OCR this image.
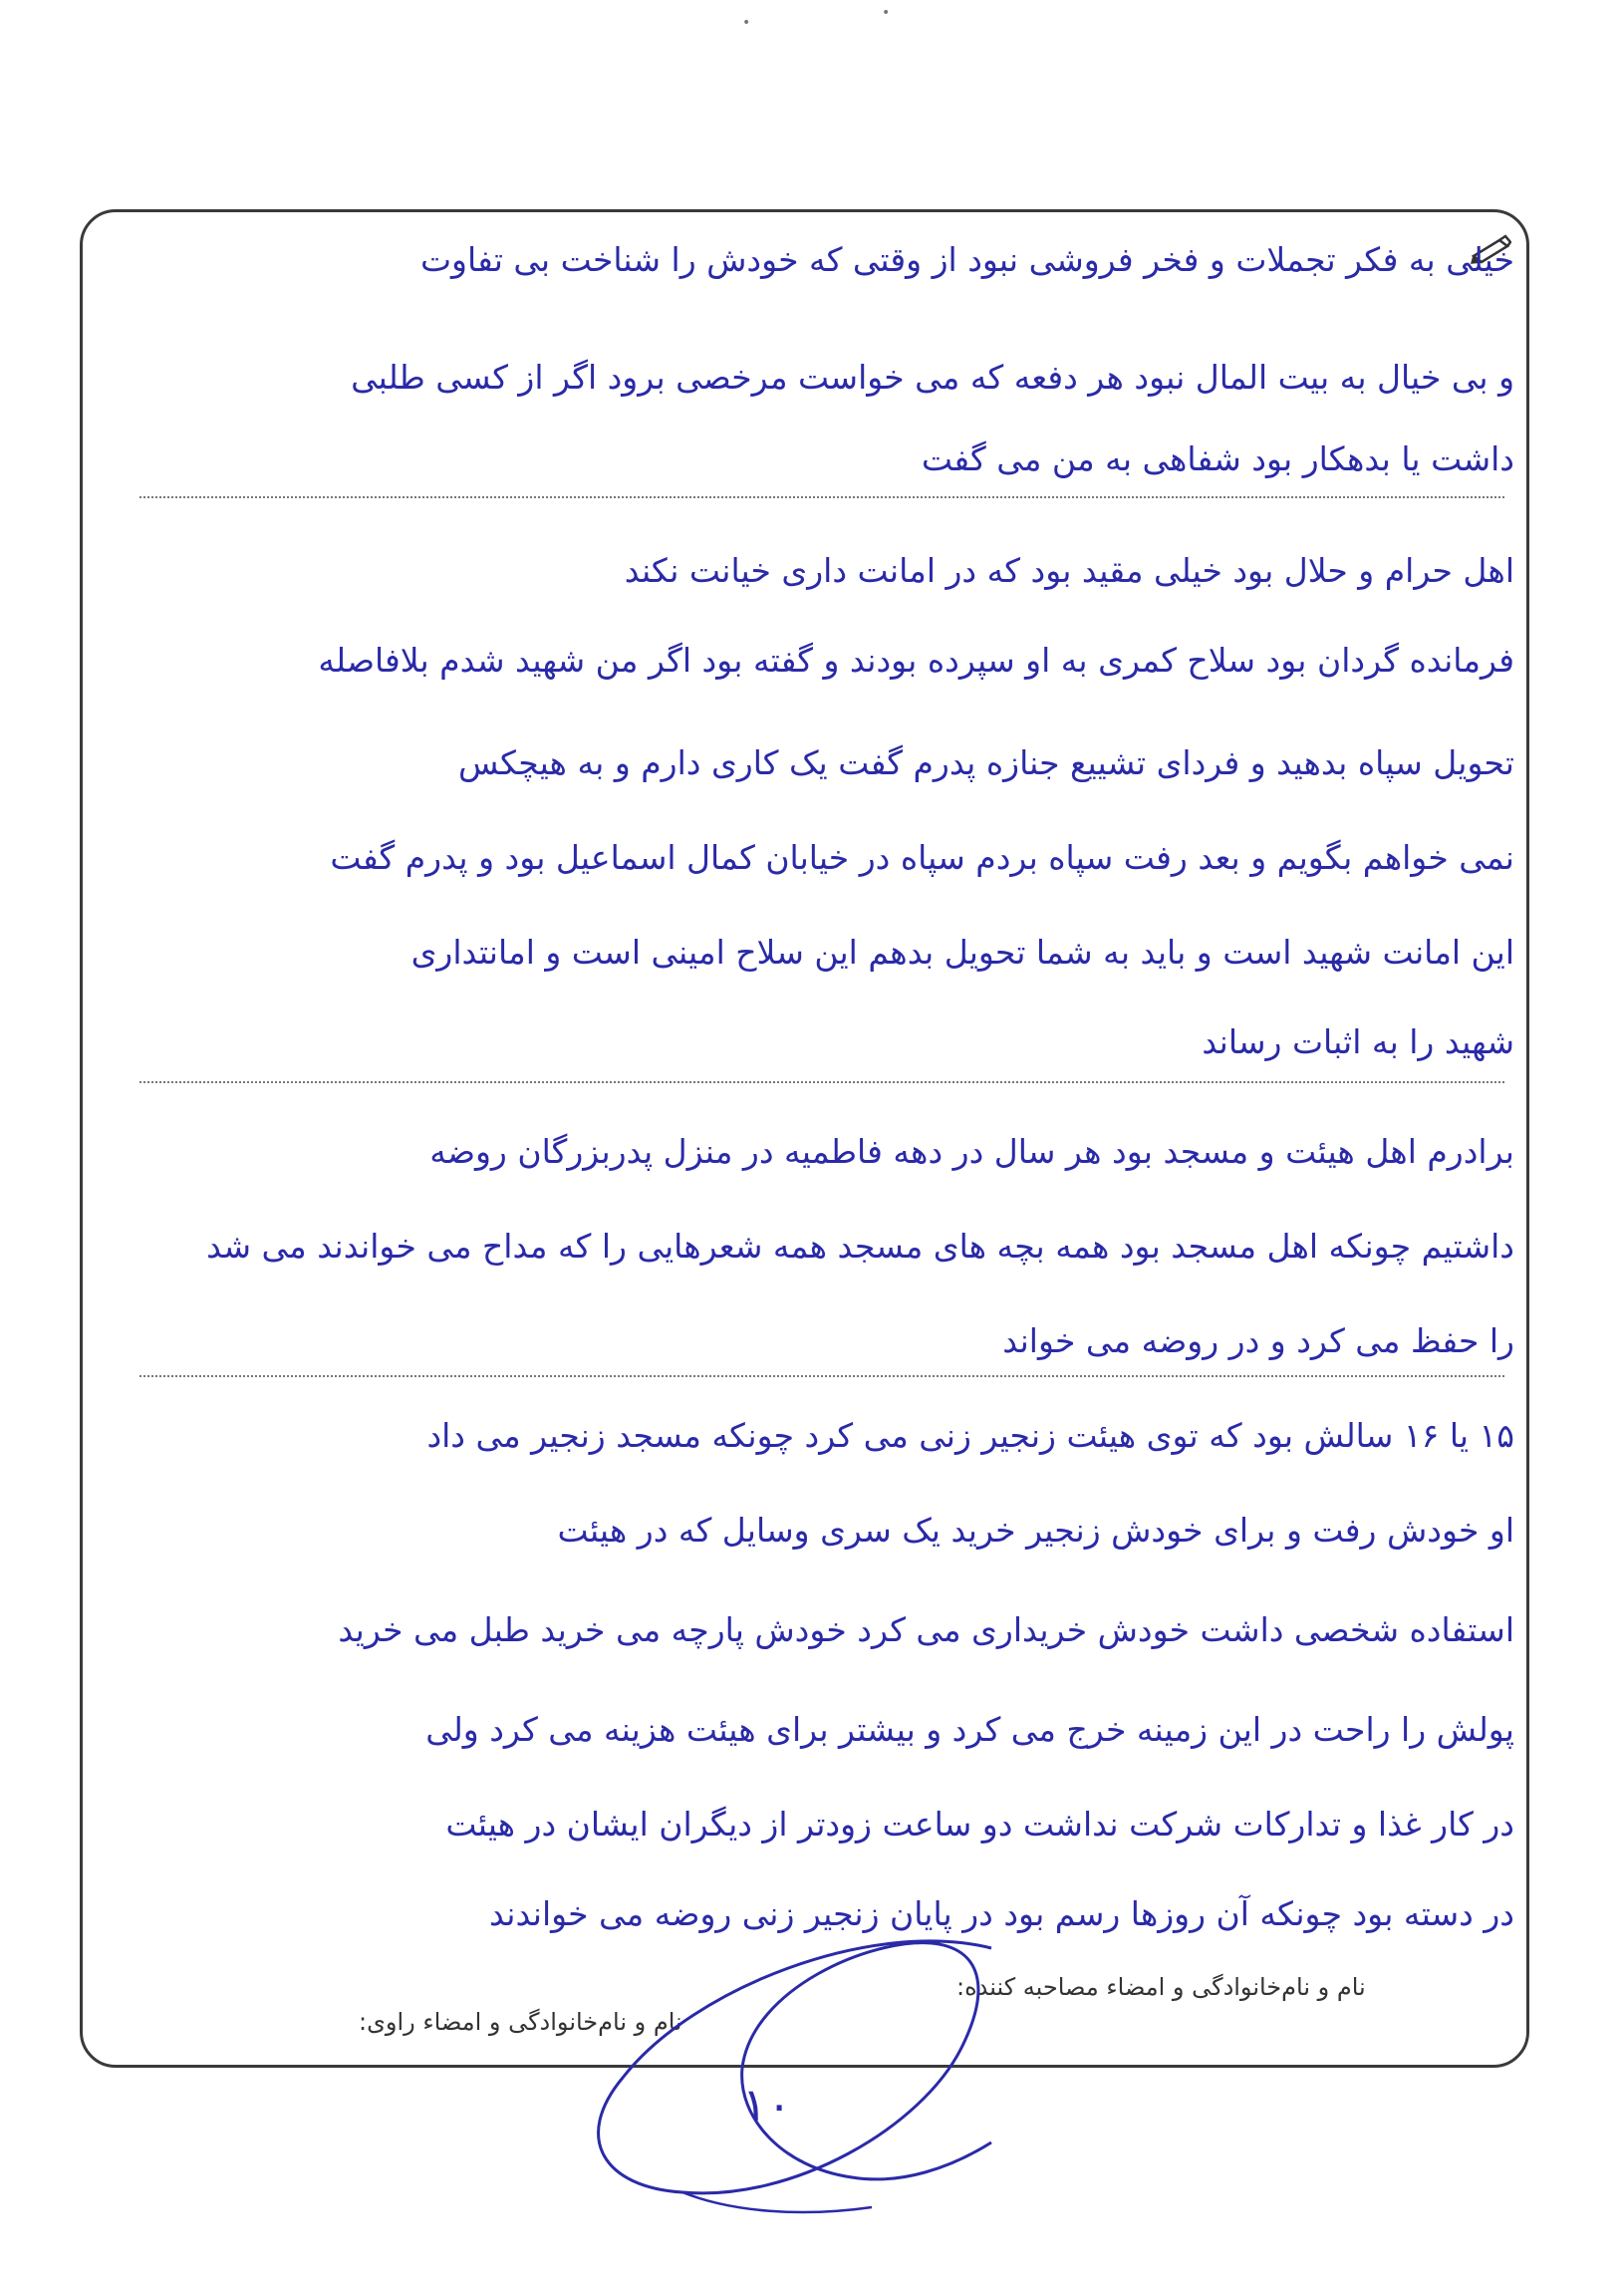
خیلی به فکر تجملات و فخر فروشی نبود از وقتی که خودش را شناخت بی تفاوت
و بی خیال به بیت المال نبود هر دفعه که می خواست مرخصی برود اگر از کسی طلبی
داشت یا بدهکار بود شفاهی به من می گفت
اهل حرام و حلال بود خیلی مقید بود که در امانت داری خیانت نکند
فرمانده گردان بود سلاح کمری به او سپرده بودند و گفته بود اگر من شهید شدم بلافاصله
تحویل سپاه بدهید و فردای تشییع جنازه پدرم گفت یک کاری دارم و به هیچکس
نمی خواهم بگویم و بعد رفت سپاه بردم سپاه در خیابان کمال اسماعیل بود و پدرم گفت
این امانت شهید است و باید به شما تحویل بدهم این سلاح امینی است و امانتداری
شهید را به اثبات رساند
برادرم اهل هیئت و مسجد بود هر سال در دهه فاطمیه در منزل پدربزرگان روضه
داشتیم چونکه اهل مسجد بود همه بچه های مسجد همه شعرهایی را که مداح می خواندند می شد
را حفظ می کرد و در روضه می خواند
۱۵ یا ۱۶ سالش بود که توی هیئت زنجیر زنی می کرد چونکه مسجد زنجیر می داد
او خودش رفت و برای خودش زنجیر خرید یک سری وسایل که در هیئت
استفاده شخصی داشت خودش خریداری می کرد خودش پارچه می خرید طبل می خرید
پولش را راحت در این زمینه خرج می کرد و بیشتر برای هیئت هزینه می کرد ولی
در کار غذا و تدارکات شرکت نداشت دو ساعت زودتر از دیگران ایشان در هیئت
در دسته بود چونکه آن روزها رسم بود در پایان زنجیر زنی روضه می خواندند
نام و نام‌خانوادگی و امضاء مصاحبه کننده:
نام و نام‌خانوادگی و امضاء راوی:
۱۰
•
•
